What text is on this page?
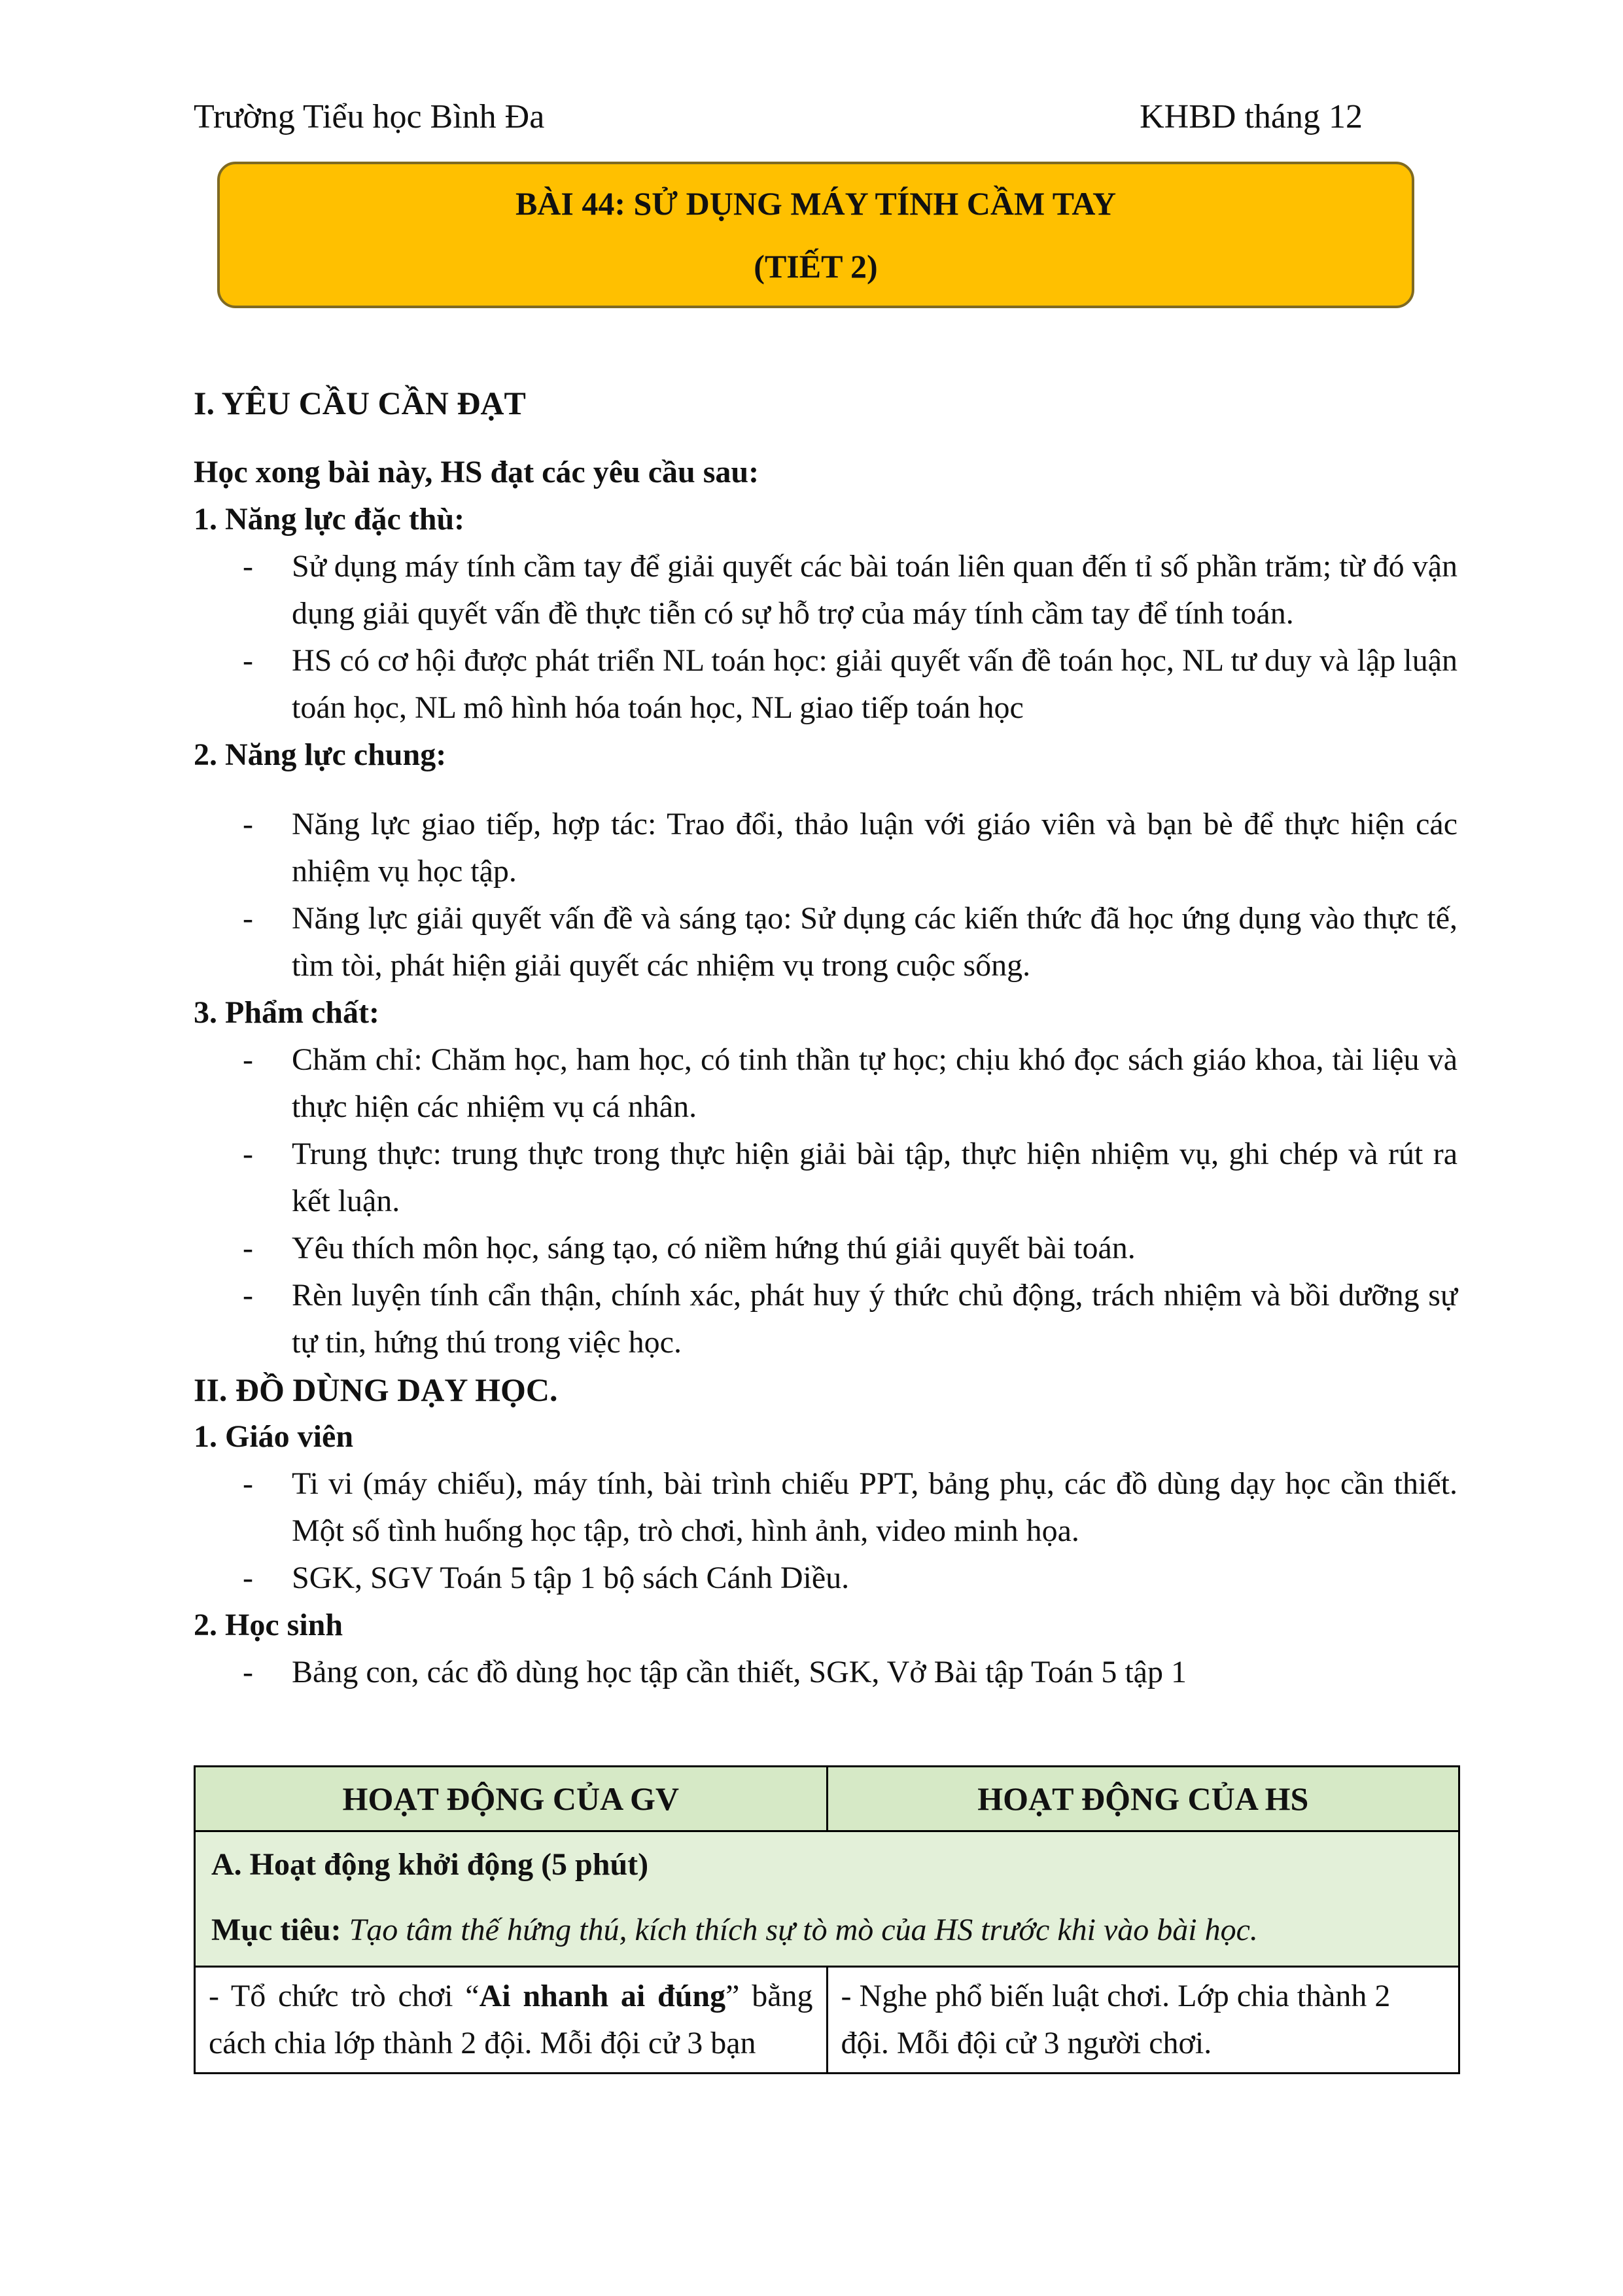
Trường Tiểu học Bình Đa	KHBD tháng 12
BÀI 44: SỬ DỤNG MÁY TÍNH CẦM TAY
(TIẾT 2)
I. YÊU CẦU CẦN ĐẠT
Học xong bài này, HS đạt các yêu cầu sau:
1. Năng lực đặc thù:
- Sử dụng máy tính cầm tay để giải quyết các bài toán liên quan đến tỉ số phần trăm; từ đó vận dụng giải quyết vấn đề thực tiễn có sự hỗ trợ của máy tính cầm tay để tính toán.
- HS có cơ hội được phát triển NL toán học: giải quyết vấn đề toán học, NL tư duy và lập luận toán học, NL mô hình hóa toán học, NL giao tiếp toán học
2. Năng lực chung:
- Năng lực giao tiếp, hợp tác: Trao đổi, thảo luận với giáo viên và bạn bè để thực hiện các nhiệm vụ học tập.
- Năng lực giải quyết vấn đề và sáng tạo: Sử dụng các kiến thức đã học ứng dụng vào thực tế, tìm tòi, phát hiện giải quyết các nhiệm vụ trong cuộc sống.
3. Phẩm chất:
- Chăm chỉ: Chăm học, ham học, có tinh thần tự học; chịu khó đọc sách giáo khoa, tài liệu và thực hiện các nhiệm vụ cá nhân.
- Trung thực: trung thực trong thực hiện giải bài tập, thực hiện nhiệm vụ, ghi chép và rút ra kết luận.
- Yêu thích môn học, sáng tạo, có niềm hứng thú giải quyết bài toán.
- Rèn luyện tính cẩn thận, chính xác, phát huy ý thức chủ động, trách nhiệm và bồi dưỡng sự tự tin, hứng thú trong việc học.
II. ĐỒ DÙNG DẠY HỌC.
1. Giáo viên
- Ti vi (máy chiếu), máy tính, bài trình chiếu PPT, bảng phụ, các đồ dùng dạy học cần thiết. Một số tình huống học tập, trò chơi, hình ảnh, video minh họa.
- SGK, SGV Toán 5 tập 1 bộ sách Cánh Diều.
2. Học sinh
- Bảng con, các đồ dùng học tập cần thiết, SGK, Vở Bài tập Toán 5 tập 1
HOẠT ĐỘNG CỦA GV	HOẠT ĐỘNG CỦA HS

A. Hoạt động khởi động (5 phút)
Mục tiêu: Tạo tâm thế hứng thú, kích thích sự tò mò của HS trước khi vào bài học.	

- Tổ chức trò chơi “Ai nhanh ai đúng” bằng cách chia lớp thành 2 đội. Mỗi đội cử 3 bạn	- Nghe phổ biến luật chơi. Lớp chia thành 2 đội. Mỗi đội cử 3 người chơi.
